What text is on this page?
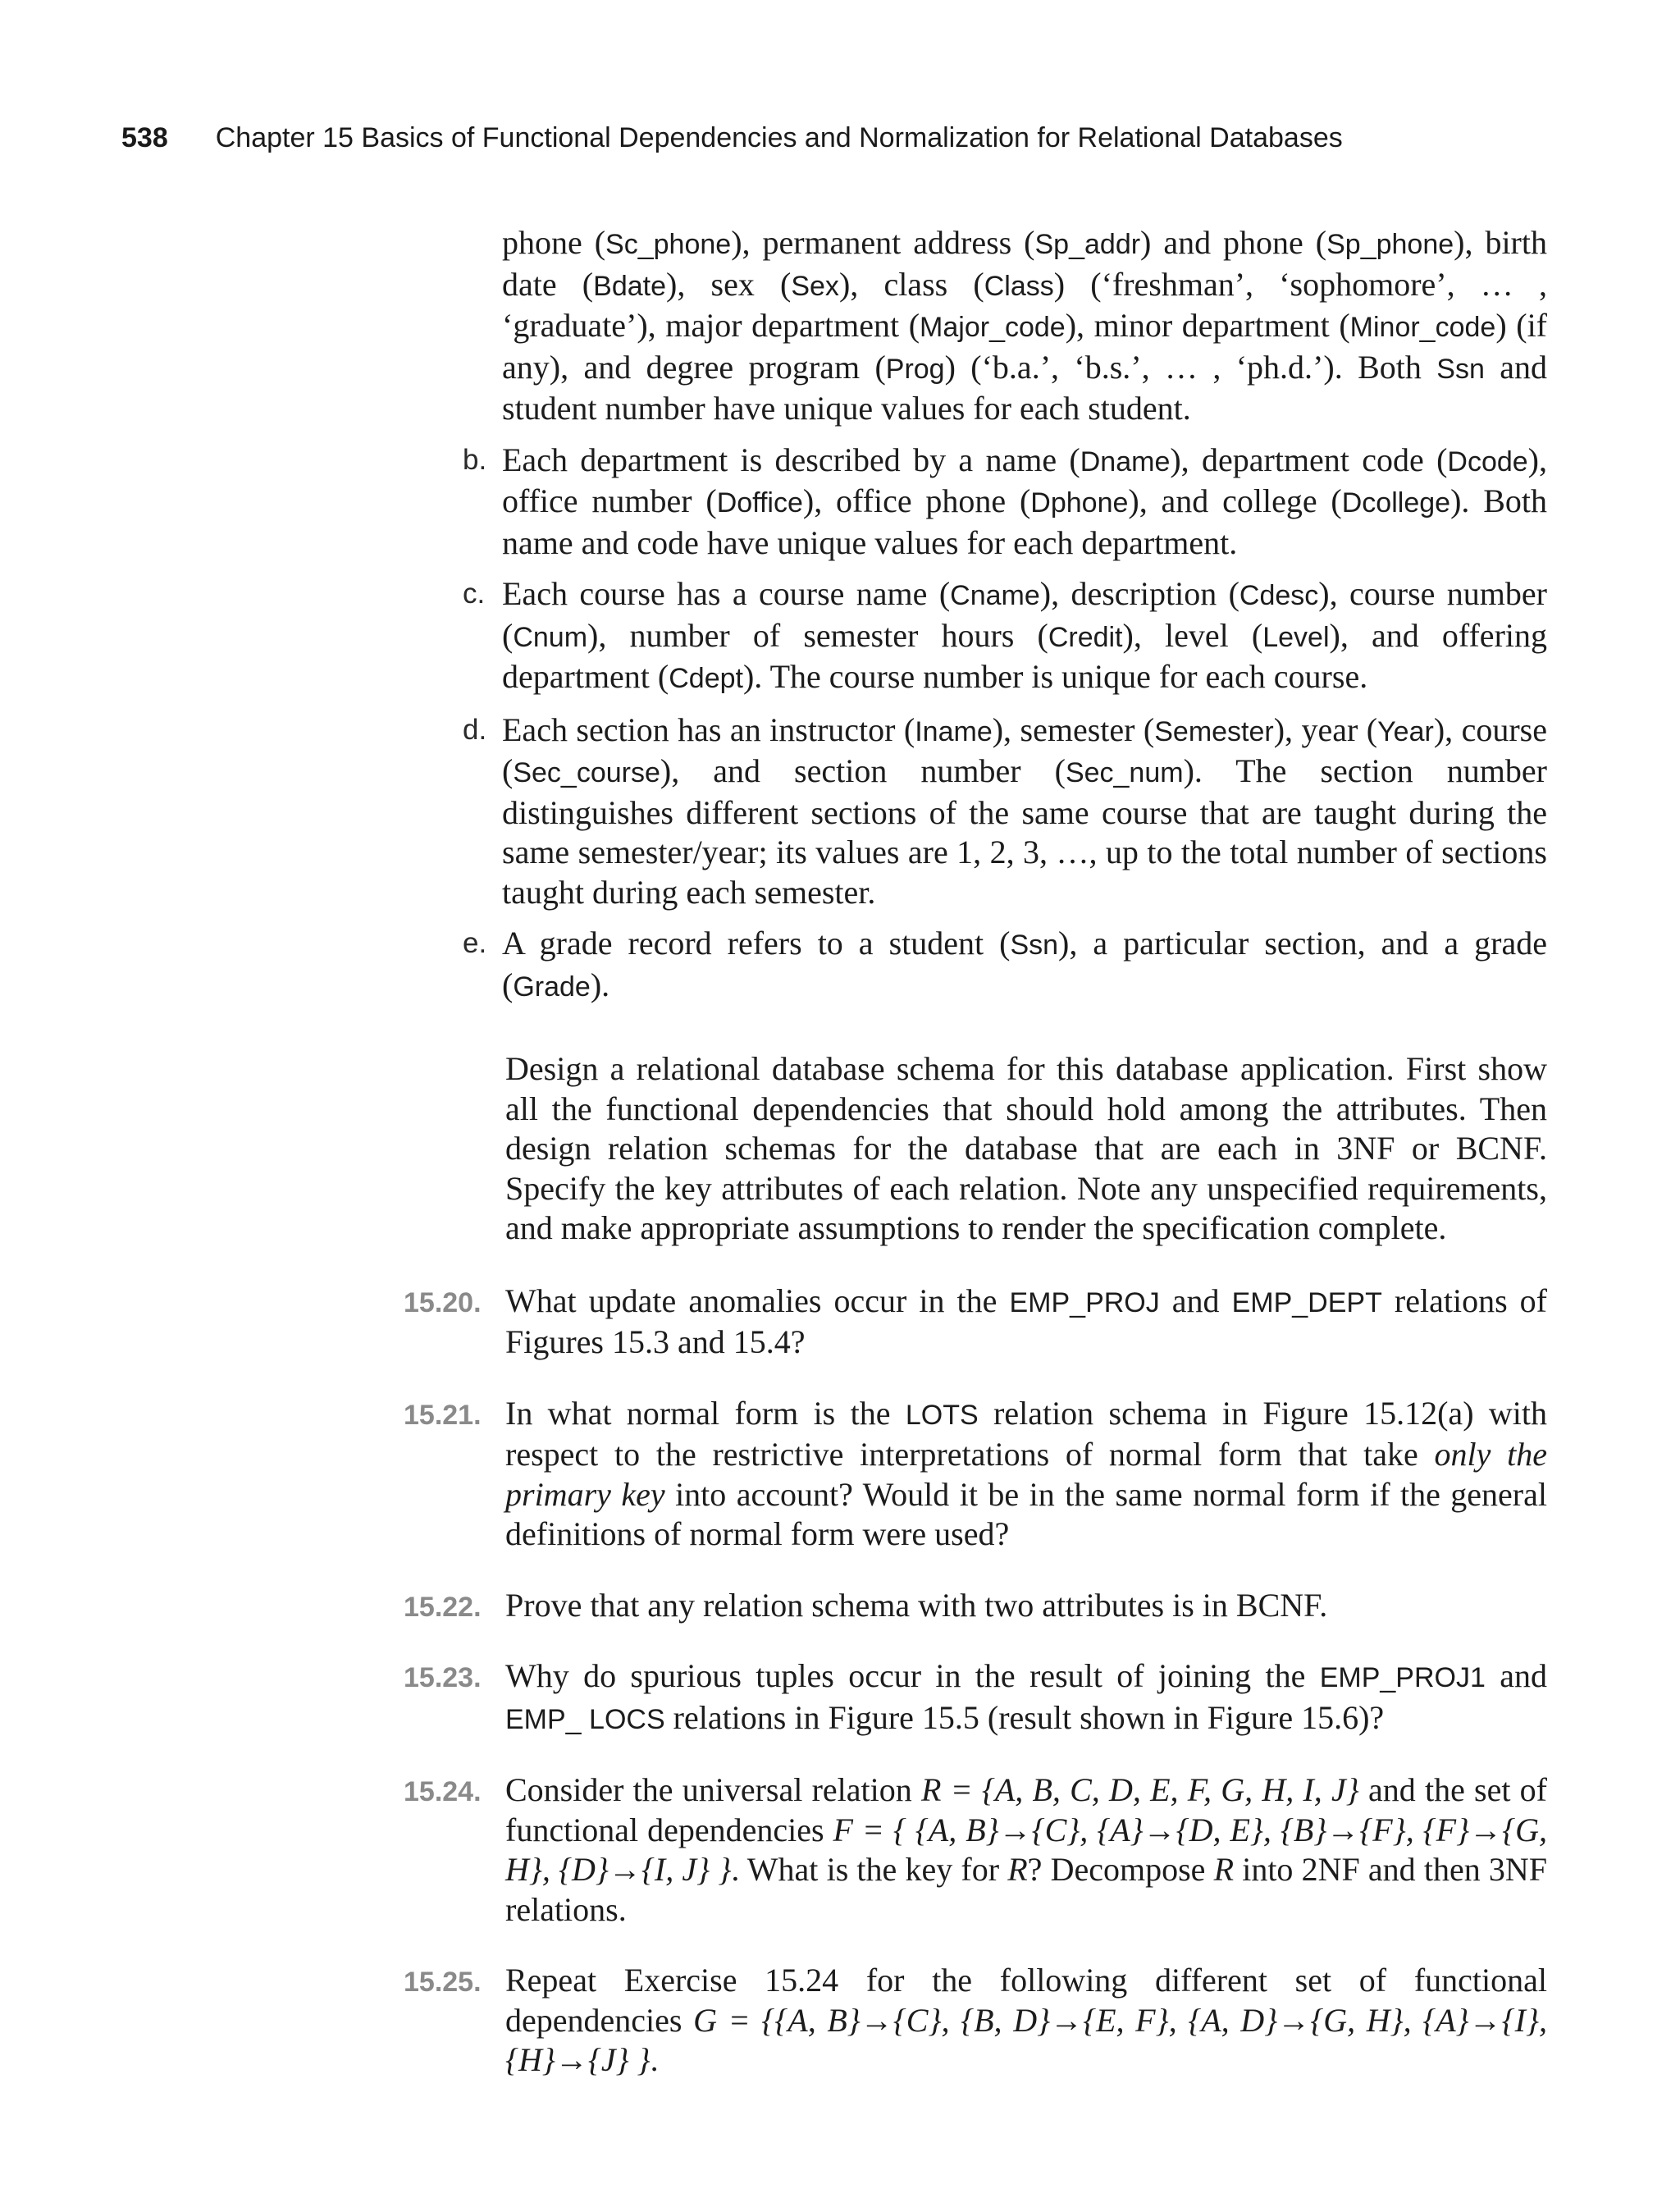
538 Chapter 15 Basics of Functional Dependencies and Normalization for Relational Databases
phone (Sc_phone), permanent address (Sp_addr) and phone (Sp_phone), birth date (Bdate), sex (Sex), class (Class) (‘freshman’, ‘sophomore’, … , ‘graduate’), major department (Major_code), minor department (Minor_code) (if any), and degree program (Prog) (‘b.a.’, ‘b.s.’, … , ‘ph.d.’). Both Ssn and student number have unique values for each student.
b. Each department is described by a name (Dname), department code (Dcode), office number (Doffice), office phone (Dphone), and college (Dcollege). Both name and code have unique values for each department.
c. Each course has a course name (Cname), description (Cdesc), course number (Cnum), number of semester hours (Credit), level (Level), and offering department (Cdept). The course number is unique for each course.
d. Each section has an instructor (Iname), semester (Semester), year (Year), course (Sec_course), and section number (Sec_num). The section number distinguishes different sections of the same course that are taught during the same semester/year; its values are 1, 2, 3, …, up to the total number of sections taught during each semester.
e. A grade record refers to a student (Ssn), a particular section, and a grade (Grade).

Design a relational database schema for this database application. First show all the functional dependencies that should hold among the attributes. Then design relation schemas for the database that are each in 3NF or BCNF. Specify the key attributes of each relation. Note any unspecified requirements, and make appropriate assumptions to render the specification complete.

15.20. What update anomalies occur in the EMP_PROJ and EMP_DEPT relations of Figures 15.3 and 15.4?
15.21. In what normal form is the LOTS relation schema in Figure 15.12(a) with respect to the restrictive interpretations of normal form that take only the primary key into account? Would it be in the same normal form if the general definitions of normal form were used?
15.22. Prove that any relation schema with two attributes is in BCNF.
15.23. Why do spurious tuples occur in the result of joining the EMP_PROJ1 and EMP_ LOCS relations in Figure 15.5 (result shown in Figure 15.6)?
15.24. Consider the universal relation R = {A, B, C, D, E, F, G, H, I, J} and the set of functional dependencies F = { {A, B}→{C}, {A}→{D, E}, {B}→{F}, {F}→{G, H}, {D}→{I, J} }. What is the key for R? Decompose R into 2NF and then 3NF relations.
15.25. Repeat Exercise 15.24 for the following different set of functional dependencies G = {{A, B}→{C}, {B, D}→{E, F}, {A, D}→{G, H}, {A}→{I}, {H}→{J} }.
